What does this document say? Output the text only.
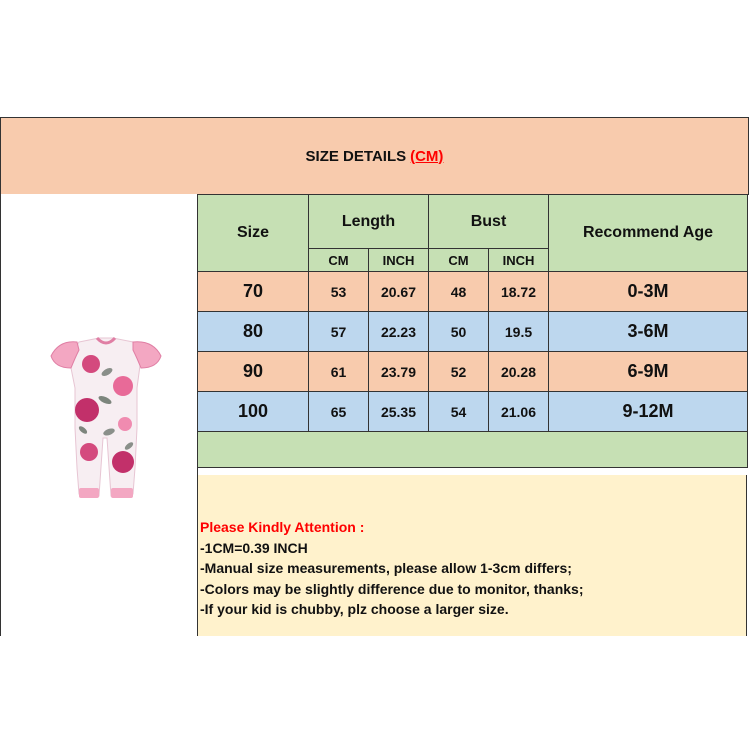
SIZE DETAILS (CM)
Size	Length		Bust		Recommend Age
	CM	INCH	CM	INCH	
70	53	20.67	48	18.72	0-3M
80	57	22.23	50	19.5	3-6M
90	61	23.79	52	20.28	6-9M
100	65	25.35	54	21.06	9-12M

Please Kindly Attention :
-1CM=0.39 INCH
-Manual size measurements, please allow 1-3cm differs;
-Colors may be slightly difference due to monitor, thanks;
-If your kid is chubby, plz choose a larger size.
